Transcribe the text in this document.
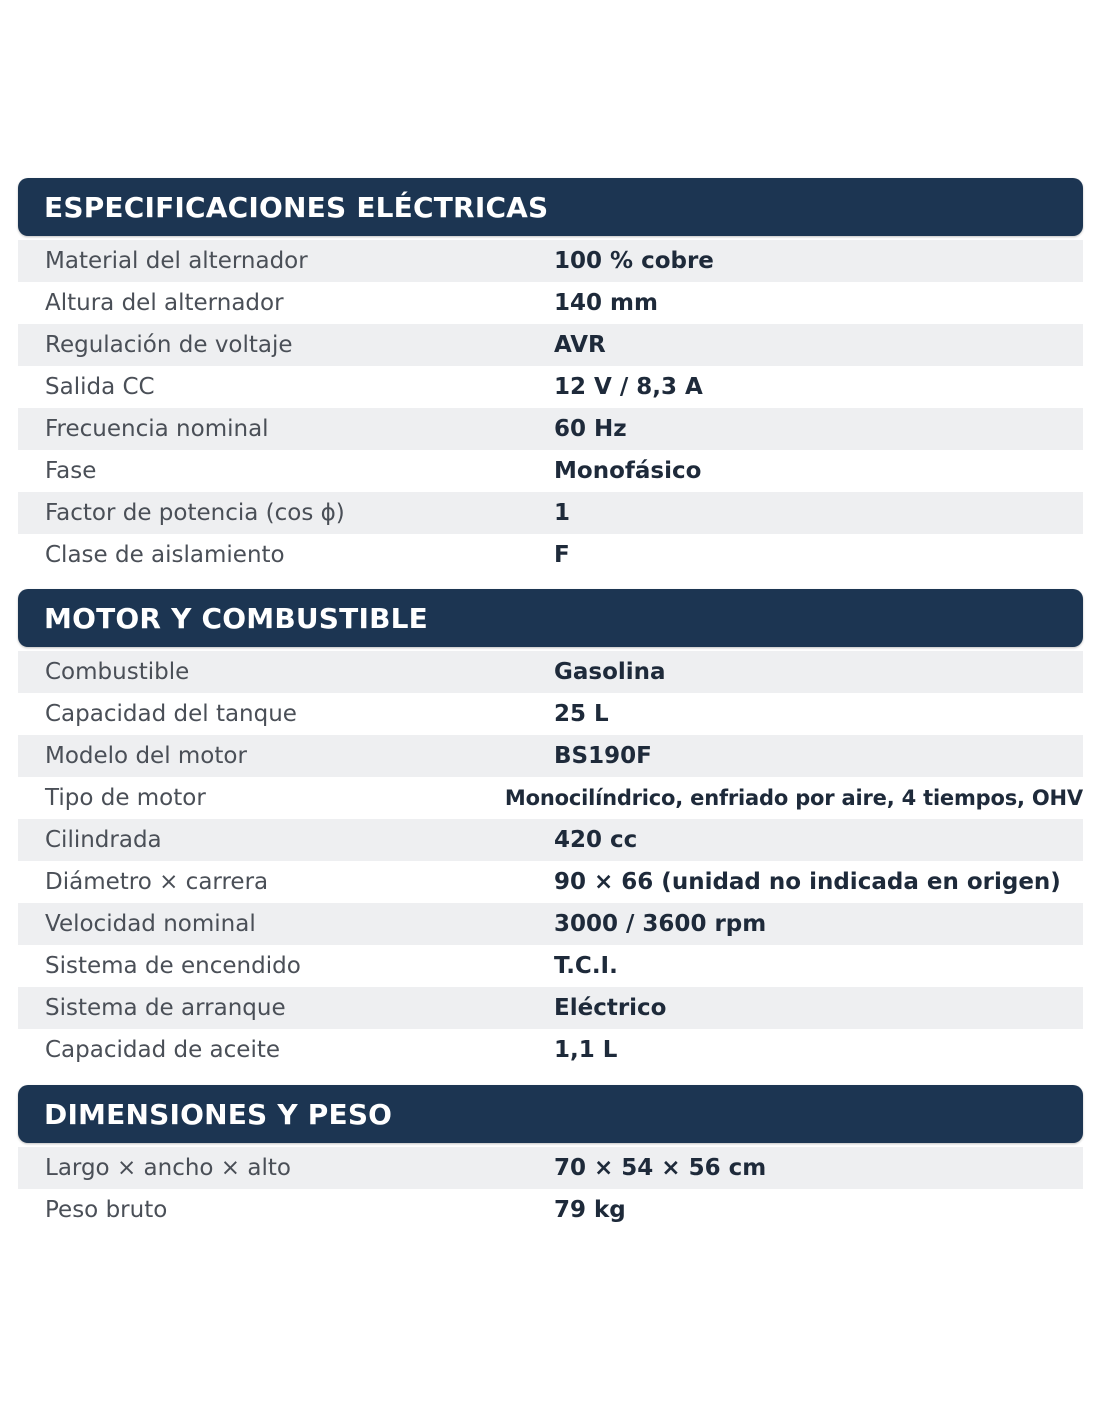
ESPECIFICACIONES ELÉCTRICAS
Material del alternador	100 % cobre
Altura del alternador	140 mm
Regulación de voltaje	AVR
Salida CC	12 V / 8,3 A
Frecuencia nominal	60 Hz
Fase	Monofásico
Factor de potencia (cos ϕ)	1
Clase de aislamiento	F
MOTOR Y COMBUSTIBLE
Combustible	Gasolina
Capacidad del tanque	25 L
Modelo del motor	BS190F
Tipo de motor	Monocilíndrico, enfriado por aire, 4 tiempos, OHV
Cilindrada	420 cc
Diámetro × carrera	90 × 66 (unidad no indicada en origen)
Velocidad nominal	3000 / 3600 rpm
Sistema de encendido	T.C.I.
Sistema de arranque	Eléctrico
Capacidad de aceite	1,1 L
DIMENSIONES Y PESO
Largo × ancho × alto	70 × 54 × 56 cm
Peso bruto	79 kg
